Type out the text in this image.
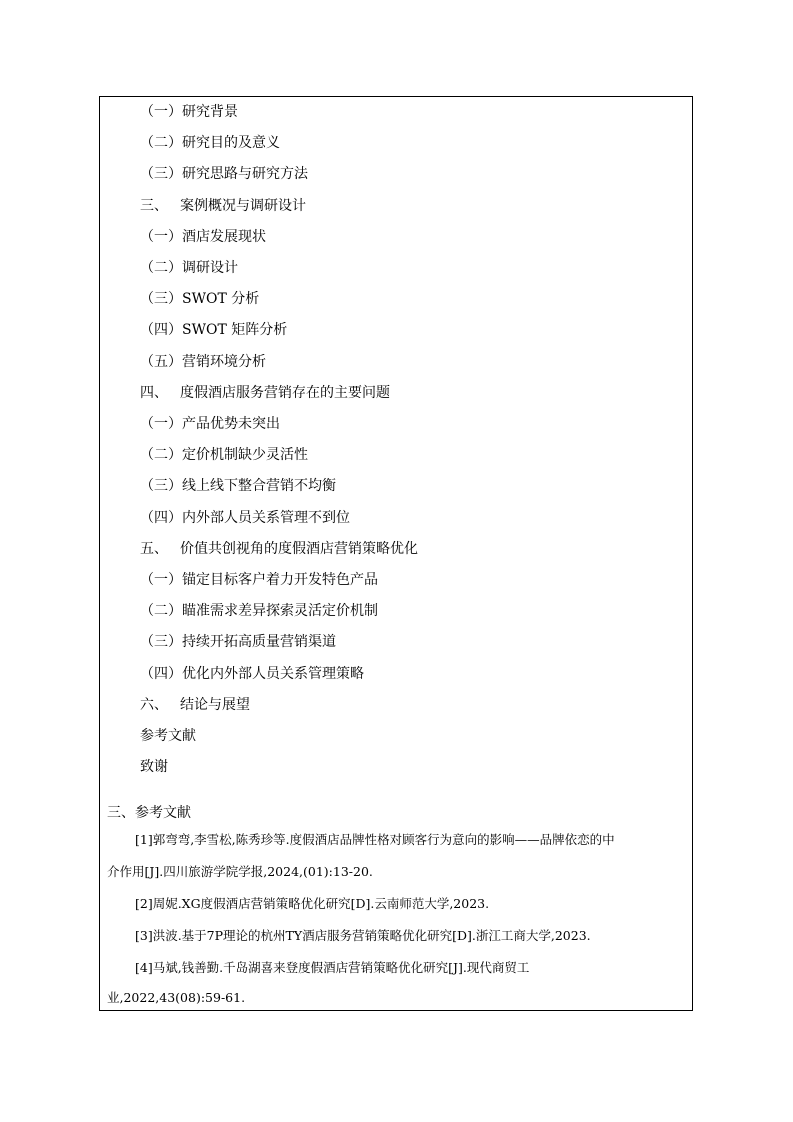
（一）研究背景
（二）研究目的及意义
（三）研究思路与研究方法
三、 案例概况与调研设计
（一）酒店发展现状
（二）调研设计
（三）SWOT 分析
（四）SWOT 矩阵分析
（五）营销环境分析
四、 度假酒店服务营销存在的主要问题
（一）产品优势未突出
（二）定价机制缺少灵活性
（三）线上线下整合营销不均衡
（四）内外部人员关系管理不到位
五、 价值共创视角的度假酒店营销策略优化
（一）锚定目标客户着力开发特色产品
（二）瞄准需求差异探索灵活定价机制
（三）持续开拓高质量营销渠道
（四）优化内外部人员关系管理策略
六、 结论与展望
参考文献
致谢
三、参考文献
[1]郭弯弯,李雪松,陈秀珍等.度假酒店品牌性格对顾客行为意向的影响——品牌依恋的中
介作用[J].四川旅游学院学报,2024,(01):13-20.
[2]周妮.XG度假酒店营销策略优化研究[D].云南师范大学,2023.
[3]洪波.基于7P理论的杭州TY酒店服务营销策略优化研究[D].浙江工商大学,2023.
[4]马斌,钱善勤.千岛湖喜来登度假酒店营销策略优化研究[J].现代商贸工
业,2022,43(08):59-61.
